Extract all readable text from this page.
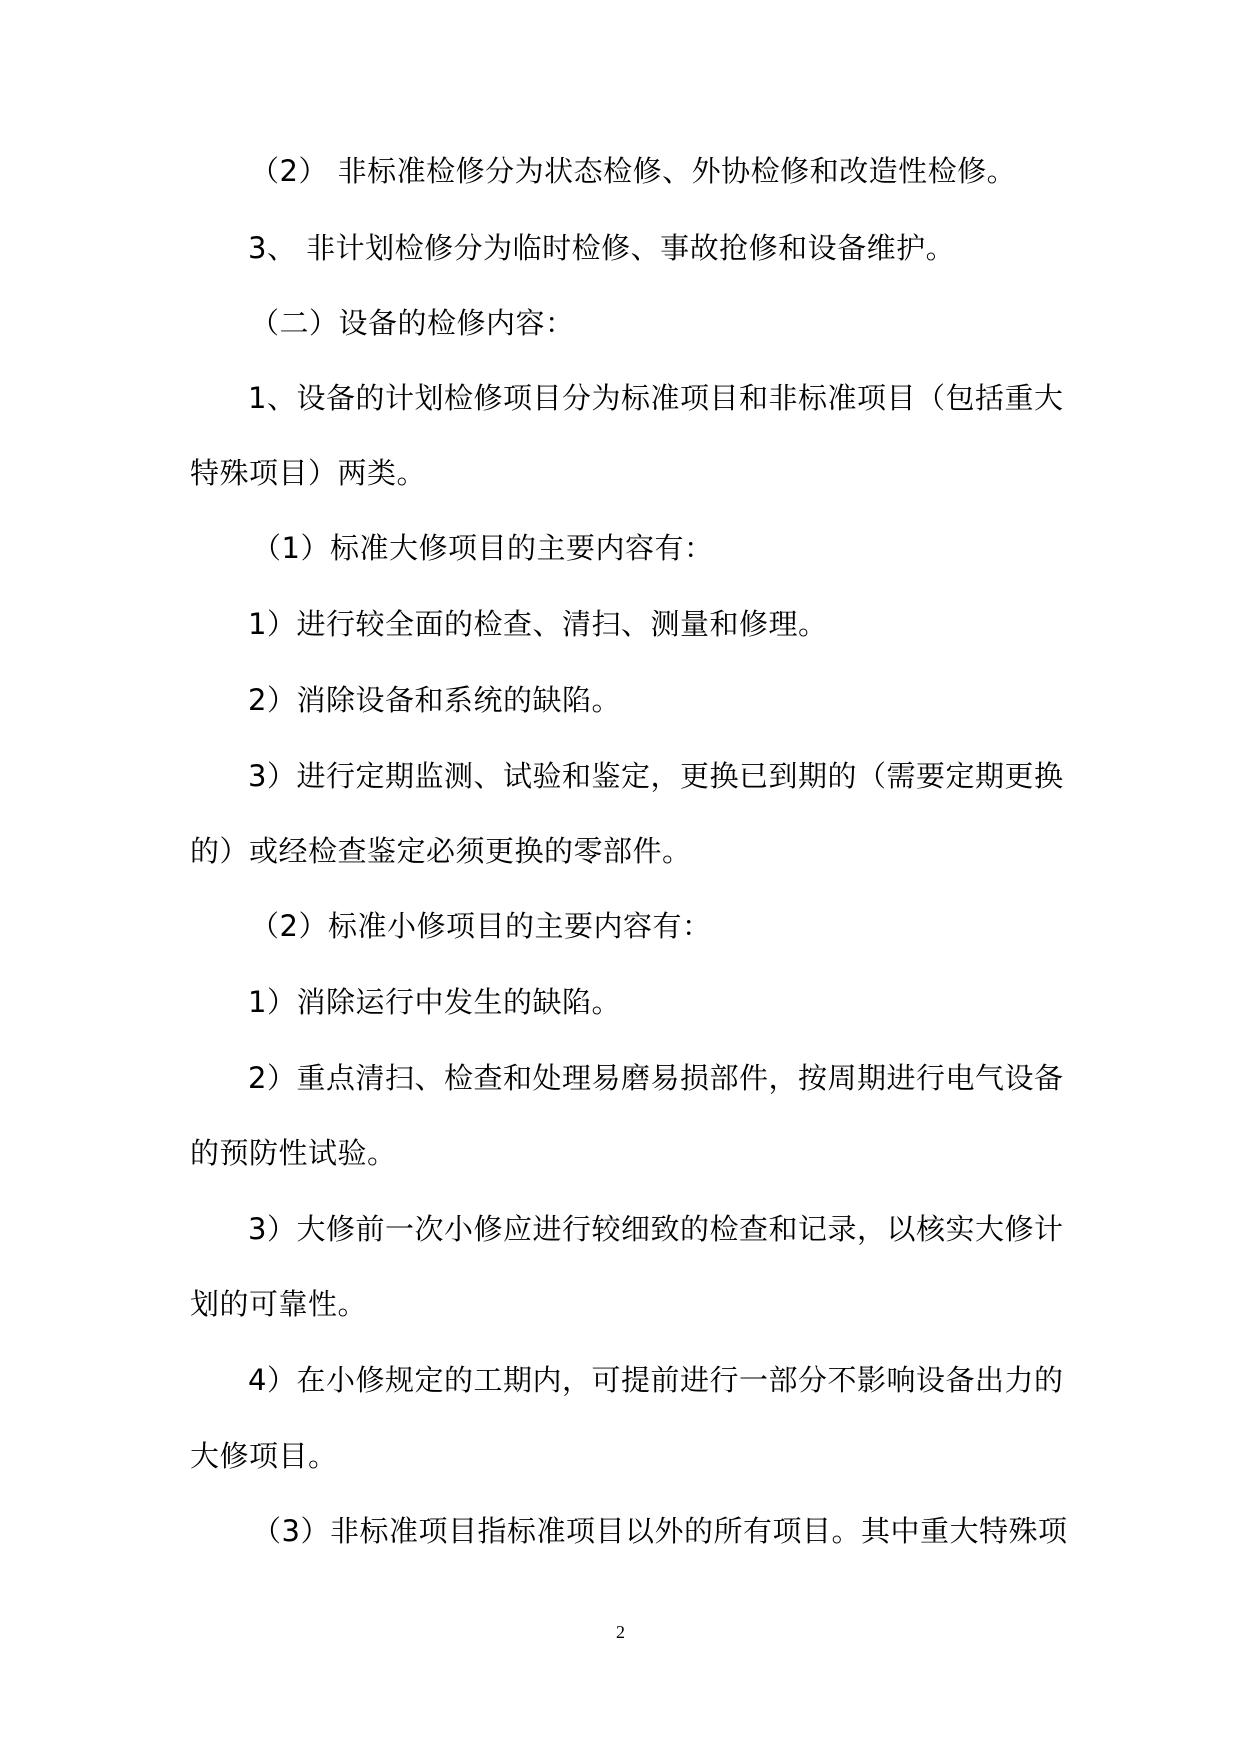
（2） 非标准检修分为状态检修、外协检修和改造性检修。
3、 非计划检修分为临时检修、事故抢修和设备维护。
（二）设备的检修内容：
1、设备的计划检修项目分为标准项目和非标准项目（包括重大
特殊项目）两类。
（1）标准大修项目的主要内容有：
1）进行较全面的检查、清扫、测量和修理。
2）消除设备和系统的缺陷。
3）进行定期监测、试验和鉴定，更换已到期的（需要定期更换
的）或经检查鉴定必须更换的零部件。
（2）标准小修项目的主要内容有：
1）消除运行中发生的缺陷。
2）重点清扫、检查和处理易磨易损部件，按周期进行电气设备
的预防性试验。
3）大修前一次小修应进行较细致的检查和记录，以核实大修计
划的可靠性。
4）在小修规定的工期内，可提前进行一部分不影响设备出力的
大修项目。
（3）非标准项目指标准项目以外的所有项目。其中重大特殊项
2
